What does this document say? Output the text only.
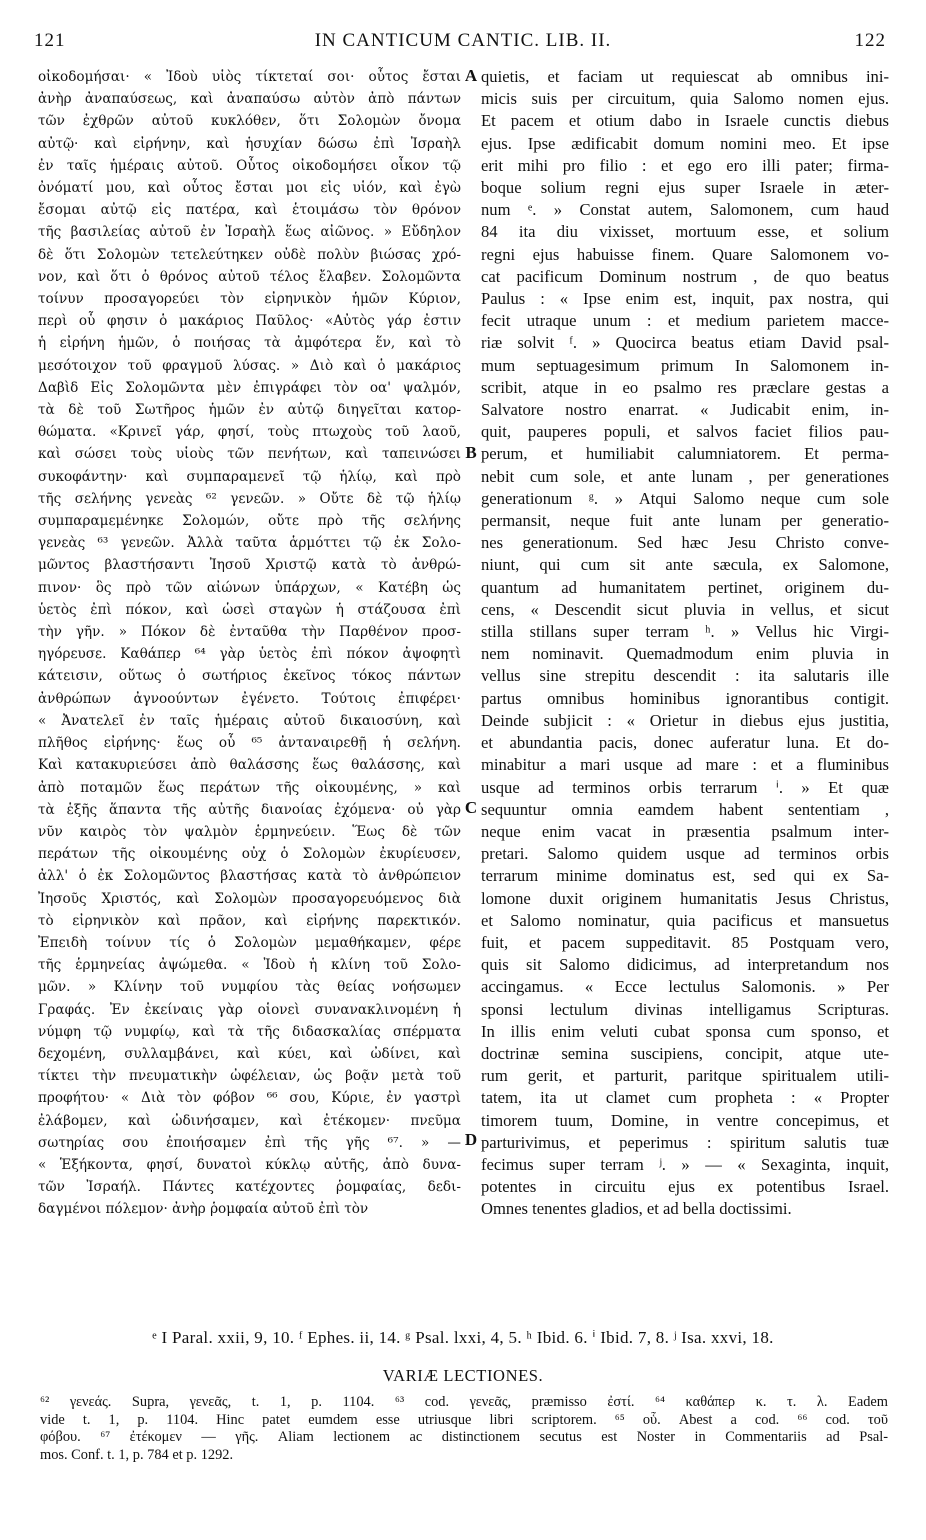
121	IN CANTICUM CANTIC. LIB. II.	122
οἰκοδομήσαι· « Ἰδοὺ υἱὸς τίκτεταί σοι· οὗτος ἔσται
ἀνὴρ ἀναπαύσεως, καὶ ἀναπαύσω αὐτὸν ἀπὸ πάντων
τῶν ἐχθρῶν αὐτοῦ κυκλόθεν, ὅτι Σολομὼν ὄνομα
αὐτῷ· καὶ εἰρήνην, καὶ ἡσυχίαν δώσω ἐπὶ Ἰσραὴλ
ἐν ταῖς ἡμέραις αὐτοῦ. Οὗτος οἰκοδομήσει οἶκον τῷ
ὀνόματί μου, καὶ οὗτος ἔσται μοι εἰς υἱόν, καὶ ἐγὼ
ἔσομαι αὐτῷ εἰς πατέρα, καὶ ἑτοιμάσω τὸν θρόνον
τῆς βασιλείας αὐτοῦ ἐν Ἰσραὴλ ἕως αἰῶνος. » Εὔδηλον
δὲ ὅτι Σολομὼν τετελεύτηκεν οὐδὲ πολὺν βιώσας χρό-
νον, καὶ ὅτι ὁ θρόνος αὐτοῦ τέλος ἔλαβεν. Σολομῶντα
τοίνυν προσαγορεύει τὸν εἰρηνικὸν ἡμῶν Κύριον,
περὶ οὗ φησιν ὁ μακάριος Παῦλος· «Αὐτὸς γάρ ἐστιν
ἡ εἰρήνη ἡμῶν, ὁ ποιήσας τὰ ἀμφότερα ἕν, καὶ τὸ
μεσότοιχον τοῦ φραγμοῦ λύσας. » Διὸ καὶ ὁ μακάριος
Δαβὶδ Εἰς Σολομῶντα μὲν ἐπιγράφει τὸν οα' ψαλμόν,
τὰ δὲ τοῦ Σωτῆρος ἡμῶν ἐν αὐτῷ διηγεῖται κατορ-
θώματα. «Κρινεῖ γάρ, φησί, τοὺς πτωχοὺς τοῦ λαοῦ,
καὶ σώσει τοὺς υἱοὺς τῶν πενήτων, καὶ ταπεινώσει
συκοφάντην· καὶ συμπαραμενεῖ τῷ ἡλίῳ, καὶ πρὸ
τῆς σελήνης γενεὰς ⁶² γενεῶν. » Οὔτε δὲ τῷ ἡλίῳ
συμπαραμεμένηκε Σολομών, οὔτε πρὸ τῆς σελήνης
γενεὰς ⁶³ γενεῶν. Ἀλλὰ ταῦτα ἁρμόττει τῷ ἐκ Σολο-
μῶντος βλαστήσαντι Ἰησοῦ Χριστῷ κατὰ τὸ ἀνθρώ-
πινον· ὃς πρὸ τῶν αἰώνων ὑπάρχων, « Κατέβη ὡς
ὑετὸς ἐπὶ πόκον, καὶ ὡσεὶ σταγὼν ἡ στάζουσα ἐπὶ
τὴν γῆν. » Πόκον δὲ ἐνταῦθα τὴν Παρθένον προσ-
ηγόρευσε. Καθάπερ ⁶⁴ γὰρ ὑετὸς ἐπὶ πόκον ἀψοφητὶ
κάτεισιν, οὕτως ὁ σωτήριος ἐκεῖνος τόκος πάντων
ἀνθρώπων ἀγνοούντων ἐγένετο. Τούτοις ἐπιφέρει·
« Ἀνατελεῖ ἐν ταῖς ἡμέραις αὐτοῦ δικαιοσύνη, καὶ
πλῆθος εἰρήνης· ἕως οὗ ⁶⁵ ἀνταναιρεθῇ ἡ σελήνη.
Καὶ κατακυριεύσει ἀπὸ θαλάσσης ἕως θαλάσσης, καὶ
ἀπὸ ποταμῶν ἕως περάτων τῆς οἰκουμένης, » καὶ
τὰ ἑξῆς ἅπαντα τῆς αὐτῆς διανοίας ἐχόμενα· οὐ γὰρ
νῦν καιρὸς τὸν ψαλμὸν ἑρμηνεύειν. Ἕως δὲ τῶν
περάτων τῆς οἰκουμένης οὐχ ὁ Σολομὼν ἐκυρίευσεν,
ἀλλ' ὁ ἐκ Σολομῶντος βλαστήσας κατὰ τὸ ἀνθρώπειον
Ἰησοῦς Χριστός, καὶ Σολομὼν προσαγορευόμενος διὰ
τὸ εἰρηνικὸν καὶ πρᾶον, καὶ εἰρήνης παρεκτικόν.
Ἐπειδὴ τοίνυν τίς ὁ Σολομὼν μεμαθήκαμεν, φέρε
τῆς ἑρμηνείας ἀψώμεθα. « Ἰδοὺ ἡ κλίνη τοῦ Σολο-
μῶν. » Κλίνην τοῦ νυμφίου τὰς θείας νοήσωμεν
Γραφάς. Ἐν ἐκείναις γὰρ οἱονεὶ συνανακλινομένη ἡ
νύμφη τῷ νυμφίῳ, καὶ τὰ τῆς διδασκαλίας σπέρματα
δεχομένη, συλλαμβάνει, καὶ κύει, καὶ ὠδίνει, καὶ
τίκτει τὴν πνευματικὴν ὠφέλειαν, ὡς βοᾷν μετὰ τοῦ
προφήτου· « Διὰ τὸν φόβον ⁶⁶ σου, Κύριε, ἐν γαστρὶ
ἐλάβομεν, καὶ ὠδινήσαμεν, καὶ ἐτέκομεν· πνεῦμα
σωτηρίας σου ἐποιήσαμεν ἐπὶ τῆς γῆς ⁶⁷. » —
« Ἑξήκοντα, φησί, δυνατοὶ κύκλῳ αὐτῆς, ἀπὸ δυνα-
τῶν Ἰσραήλ. Πάντες κατέχοντες ῥομφαίας, δεδι-
δαγμένοι πόλεμον· ἀνὴρ ῥομφαία αὐτοῦ ἐπὶ τὸν
A
B
C
D
quietis, et faciam ut requiescat ab omnibus ini-
micis suis per circuitum, quia Salomo nomen ejus.
Et pacem et otium dabo in Israele cunctis diebus
ejus. Ipse ædificabit domum nomini meo. Et ipse
erit mihi pro filio : et ego ero illi pater; firma-
boque solium regni ejus super Israele in æter-
num ᵉ. » Constat autem, Salomonem, cum haud
84 ita diu vixisset, mortuum esse, et solium
regni ejus habuisse finem. Quare Salomonem vo-
cat pacificum Dominum nostrum , de quo beatus
Paulus : « Ipse enim est, inquit, pax nostra, qui
fecit utraque unum : et medium parietem macce-
riæ solvit ᶠ. » Quocirca beatus etiam David psal-
mum septuagesimum primum In Salomonem in-
scribit, atque in eo psalmo res præclare gestas a
Salvatore nostro enarrat. « Judicabit enim, in-
quit, pauperes populi, et salvos faciet filios pau-
perum, et humiliabit calumniatorem. Et perma-
nebit cum sole, et ante lunam , per generationes
generationum ᵍ. » Atqui Salomo neque cum sole
permansit, neque fuit ante lunam per generatio-
nes generationum. Sed hæc Jesu Christo conve-
niunt, qui cum sit ante sæcula, ex Salomone,
quantum ad humanitatem pertinet, originem du-
cens, « Descendit sicut pluvia in vellus, et sicut
stilla stillans super terram ʰ. » Vellus hic Virgi-
nem nominavit. Quemadmodum enim pluvia in
vellus sine strepitu descendit : ita salutaris ille
partus omnibus hominibus ignorantibus contigit.
Deinde subjicit : « Orietur in diebus ejus justitia,
et abundantia pacis, donec auferatur luna. Et do-
minabitur a mari usque ad mare : et a fluminibus
usque ad terminos orbis terrarum ⁱ. » Et quæ
sequuntur omnia eamdem habent sententiam ,
neque enim vacat in præsentia psalmum inter-
pretari. Salomo quidem usque ad terminos orbis
terrarum minime dominatus est, sed qui ex Sa-
lomone duxit originem humanitatis Jesus Christus,
et Salomo nominatur, quia pacificus et mansuetus
fuit, et pacem suppeditavit. 85 Postquam vero,
quis sit Salomo didicimus, ad interpretandum nos
accingamus. « Ecce lectulus Salomonis. » Per
sponsi lectulum divinas intelligamus Scripturas.
In illis enim veluti cubat sponsa cum sponso, et
doctrinæ semina suscipiens, concipit, atque ute-
rum gerit, et parturit, paritque spiritualem utili-
tatem, ita ut clamet cum propheta : « Propter
timorem tuum, Domine, in ventre concepimus, et
parturivimus, et peperimus : spiritum salutis tuæ
fecimus super terram ʲ. » — « Sexaginta, inquit,
potentes in circuitu ejus ex potentibus Israel.
Omnes tenentes gladios, et ad bella doctissimi.
ᵉ I Paral. xxii, 9, 10. ᶠ Ephes. ii, 14. ᵍ Psal. lxxi, 4, 5. ʰ Ibid. 6. ⁱ Ibid. 7, 8. ʲ Isa. xxvi, 18.
VARIÆ LECTIONES.
⁶² γενεάς. Supra, γενεᾶς, t. 1, p. 1104. ⁶³ cod. γενεᾶς, præmisso ἐστί. ⁶⁴ καθάπερ κ. τ. λ. Eadem
vide t. 1, p. 1104. Hinc patet eumdem esse utriusque libri scriptorem. ⁶⁵ οὗ. Abest a cod. ⁶⁶ cod. τοῦ
φόβου. ⁶⁷ ἐτέκομεν — γῆς. Aliam lectionem ac distinctionem secutus est Noster in Commentariis ad Psal-
mos. Conf. t. 1, p. 784 et p. 1292.
